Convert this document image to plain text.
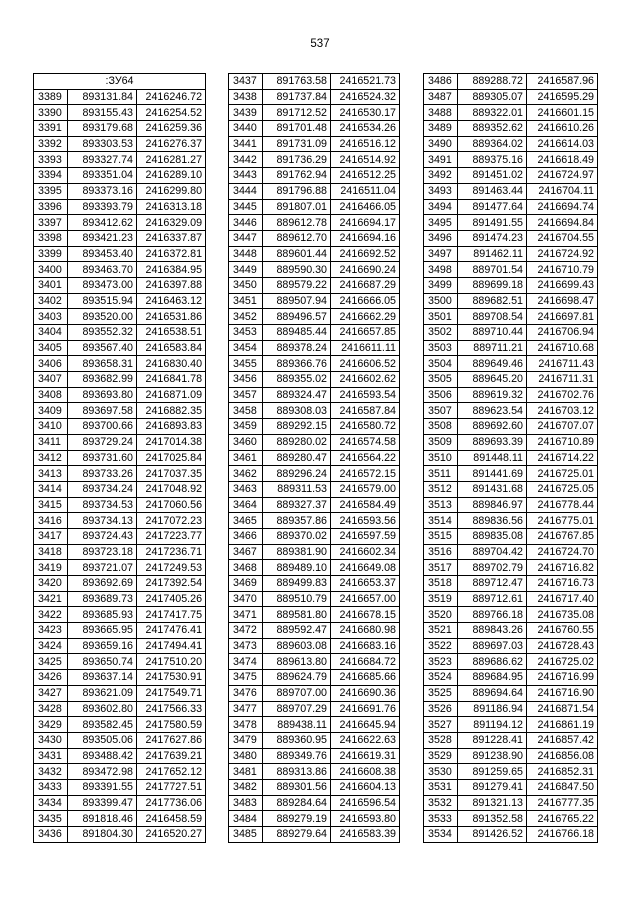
537
:ЗУ64		
3389	893131.84	2416246.72
3390	893155.43	2416254.52
3391	893179.68	2416259.36
3392	893303.53	2416276.37
3393	893327.74	2416281.27
3394	893351.04	2416289.10
3395	893373.16	2416299.80
3396	893393.79	2416313.18
3397	893412.62	2416329.09
3398	893421.23	2416337.87
3399	893453.40	2416372.81
3400	893463.70	2416384.95
3401	893473.00	2416397.88
3402	893515.94	2416463.12
3403	893520.00	2416531.86
3404	893552.32	2416538.51
3405	893567.40	2416583.84
3406	893658.31	2416830.40
3407	893682.99	2416841.78
3408	893693.80	2416871.09
3409	893697.58	2416882.35
3410	893700.66	2416893.83
3411	893729.24	2417014.38
3412	893731.60	2417025.84
3413	893733.26	2417037.35
3414	893734.24	2417048.92
3415	893734.53	2417060.56
3416	893734.13	2417072.23
3417	893724.43	2417223.77
3418	893723.18	2417236.71
3419	893721.07	2417249.53
3420	893692.69	2417392.54
3421	893689.73	2417405.26
3422	893685.93	2417417.75
3423	893665.95	2417476.41
3424	893659.16	2417494.41
3425	893650.74	2417510.20
3426	893637.14	2417530.91
3427	893621.09	2417549.71
3428	893602.80	2417566.33
3429	893582.45	2417580.59
3430	893505.06	2417627.86
3431	893488.42	2417639.21
3432	893472.98	2417652.12
3433	893391.55	2417727.51
3434	893399.47	2417736.06
3435	891818.46	2416458.59
3436	891804.30	2416520.27
3437	891763.58	2416521.73
3438	891737.84	2416524.32
3439	891712.52	2416530.17
3440	891701.48	2416534.26
3441	891731.09	2416516.12
3442	891736.29	2416514.92
3443	891762.94	2416512.25
3444	891796.88	2416511.04
3445	891807.01	2416466.05
3446	889612.78	2416694.17
3447	889612.70	2416694.16
3448	889601.44	2416692.52
3449	889590.30	2416690.24
3450	889579.22	2416687.29
3451	889507.94	2416666.05
3452	889496.57	2416662.29
3453	889485.44	2416657.85
3454	889378.24	2416611.11
3455	889366.76	2416606.52
3456	889355.02	2416602.62
3457	889324.47	2416593.54
3458	889308.03	2416587.84
3459	889292.15	2416580.72
3460	889280.02	2416574.58
3461	889280.47	2416564.22
3462	889296.24	2416572.15
3463	889311.53	2416579.00
3464	889327.37	2416584.49
3465	889357.86	2416593.56
3466	889370.02	2416597.59
3467	889381.90	2416602.34
3468	889489.10	2416649.08
3469	889499.83	2416653.37
3470	889510.79	2416657.00
3471	889581.80	2416678.15
3472	889592.47	2416680.98
3473	889603.08	2416683.16
3474	889613.80	2416684.72
3475	889624.79	2416685.66
3476	889707.00	2416690.36
3477	889707.29	2416691.76
3478	889438.11	2416645.94
3479	889360.95	2416622.63
3480	889349.76	2416619.31
3481	889313.86	2416608.38
3482	889301.56	2416604.13
3483	889284.64	2416596.54
3484	889279.19	2416593.80
3485	889279.64	2416583.39
3486	889288.72	2416587.96
3487	889305.07	2416595.29
3488	889322.01	2416601.15
3489	889352.62	2416610.26
3490	889364.02	2416614.03
3491	889375.16	2416618.49
3492	891451.02	2416724.97
3493	891463.44	2416704.11
3494	891477.64	2416694.74
3495	891491.55	2416694.84
3496	891474.23	2416704.55
3497	891462.11	2416724.92
3498	889701.54	2416710.79
3499	889699.18	2416699.43
3500	889682.51	2416698.47
3501	889708.54	2416697.81
3502	889710.44	2416706.94
3503	889711.21	2416710.68
3504	889649.46	2416711.43
3505	889645.20	2416711.31
3506	889619.32	2416702.76
3507	889623.54	2416703.12
3508	889692.60	2416707.07
3509	889693.39	2416710.89
3510	891448.11	2416714.22
3511	891441.69	2416725.01
3512	891431.68	2416725.05
3513	889846.97	2416778.44
3514	889836.56	2416775.01
3515	889835.08	2416767.85
3516	889704.42	2416724.70
3517	889702.79	2416716.82
3518	889712.47	2416716.73
3519	889712.61	2416717.40
3520	889766.18	2416735.08
3521	889843.26	2416760.55
3522	889697.03	2416728.43
3523	889686.62	2416725.02
3524	889684.95	2416716.99
3525	889694.64	2416716.90
3526	891186.94	2416871.54
3527	891194.12	2416861.19
3528	891228.41	2416857.42
3529	891238.90	2416856.08
3530	891259.65	2416852.31
3531	891279.41	2416847.50
3532	891321.13	2416777.35
3533	891352.58	2416765.22
3534	891426.52	2416766.18
